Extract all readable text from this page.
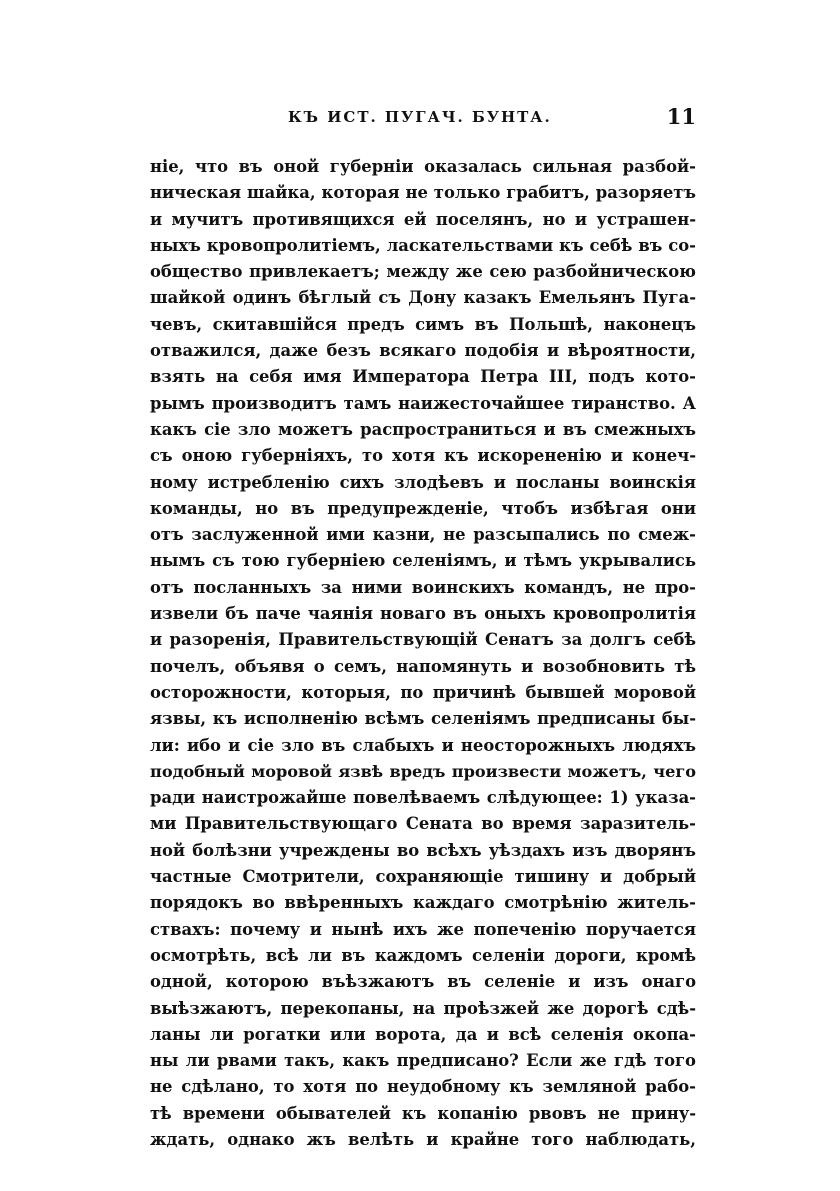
КЪ ИСТ. ПУГАЧ. БУНТА.	11
ніе, что въ оной губерніи оказалась сильная разбой-
ническая шайка, которая не только грабитъ, разоряетъ
и мучитъ противящихся ей поселянъ, но и устрашен-
ныхъ кровопролитіемъ, ласкательствами къ себѣ въ со-
общество привлекаетъ; между же сею разбойническою
шайкой одинъ бѣглый съ Дону казакъ Емельянъ Пуга-
чевъ, скитавшійся предъ симъ въ Польшѣ, наконецъ
отважился, даже безъ всякаго подобія и вѣроятности,
взять на себя имя Императора Петра III, подъ кото-
рымъ производитъ тамъ наижесточайшее тиранство. А
какъ сіе зло можетъ распространиться и въ смежныхъ
съ оною губерніяхъ, то хотя къ искорененію и конеч-
ному истребленію сихъ злодѣевъ и посланы воинскія
команды, но въ предупрежденіе, чтобъ избѣгая они
отъ заслуженной ими казни, не разсыпались по смеж-
нымъ съ тою губерніею селеніямъ, и тѣмъ укрывались
отъ посланныхъ за ними воинскихъ командъ, не про-
извели бъ паче чаянія новаго въ оныхъ кровопролитія
и разоренія, Правительствующій Сенатъ за долгъ себѣ
почелъ, объявя о семъ, напомянуть и возобновить тѣ
осторожности, которыя, по причинѣ бывшей моровой
язвы, къ исполненію всѣмъ селеніямъ предписаны бы-
ли: ибо и сіе зло въ слабыхъ и неосторожныхъ людяхъ
подобный моровой язвѣ вредъ произвести можетъ, чего
ради наистрожайше повелѣваемъ слѣдующее: 1) указа-
ми Правительствующаго Сената во время заразитель-
ной болѣзни учреждены во всѣхъ уѣздахъ изъ дворянъ
частные Смотрители, сохраняющіе тишину и добрый
порядокъ во ввѣренныхъ каждаго смотрѣнію житель-
ствахъ: почему и нынѣ ихъ же попеченію поручается
осмотрѣть, всѣ ли въ каждомъ селеніи дороги, кромѣ
одной, которою въѣзжаютъ въ селеніе и изъ онаго
выѣзжаютъ, перекопаны, на проѣзжей же дорогѣ сдѣ-
ланы ли рогатки или ворота, да и всѣ селенія окопа-
ны ли рвами такъ, какъ предписано? Если же гдѣ того
не сдѣлано, то хотя по неудобному къ земляной рабо-
тѣ времени обывателей къ копанію рвовъ не прину-
ждать, однако жъ велѣть и крайне того наблюдать,
